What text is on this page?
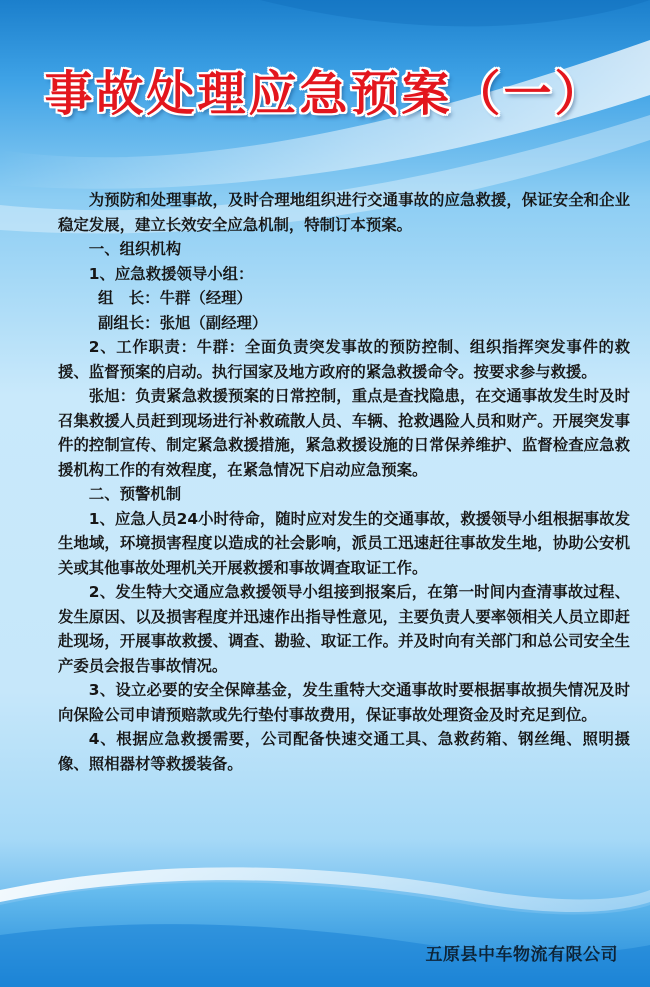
事故处理应急预案（一）

为预防和处理事故，及时合理地组织进行交通事故的应急救援，保证安全和企业稳定发展，建立长效安全应急机制，特制订本预案。

一、组织机构

1、应急救援领导小组：

组　长：牛群（经理）

副组长：张旭（副经理）

2、工作职责：牛群：全面负责突发事故的预防控制、组织指挥突发事件的救援、监督预案的启动。执行国家及地方政府的紧急救援命令。按要求参与救援。

张旭：负责紧急救援预案的日常控制，重点是查找隐患，在交通事故发生时及时召集救援人员赶到现场进行补救疏散人员、车辆、抢救遇险人员和财产。开展突发事件的控制宣传、制定紧急救援措施，紧急救援设施的日常保养维护、监督检查应急救援机构工作的有效程度，在紧急情况下启动应急预案。

二、预警机制

1、应急人员24小时待命，随时应对发生的交通事故，救援领导小组根据事故发生地域，环境损害程度以造成的社会影响，派员工迅速赶往事故发生地，协助公安机关或其他事故处理机关开展救援和事故调查取证工作。

2、发生特大交通应急救援领导小组接到报案后，在第一时间内查清事故过程、发生原因、以及损害程度并迅速作出指导性意见，主要负责人要率领相关人员立即赶赴现场，开展事故救援、调查、勘验、取证工作。并及时向有关部门和总公司安全生产委员会报告事故情况。

3、设立必要的安全保障基金，发生重特大交通事故时要根据事故损失情况及时向保险公司申请预赔款或先行垫付事故费用，保证事故处理资金及时充足到位。

4、根据应急救援需要，公司配备快速交通工具、急救药箱、钢丝绳、照明摄像、照相器材等救援装备。

五原县中车物流有限公司
